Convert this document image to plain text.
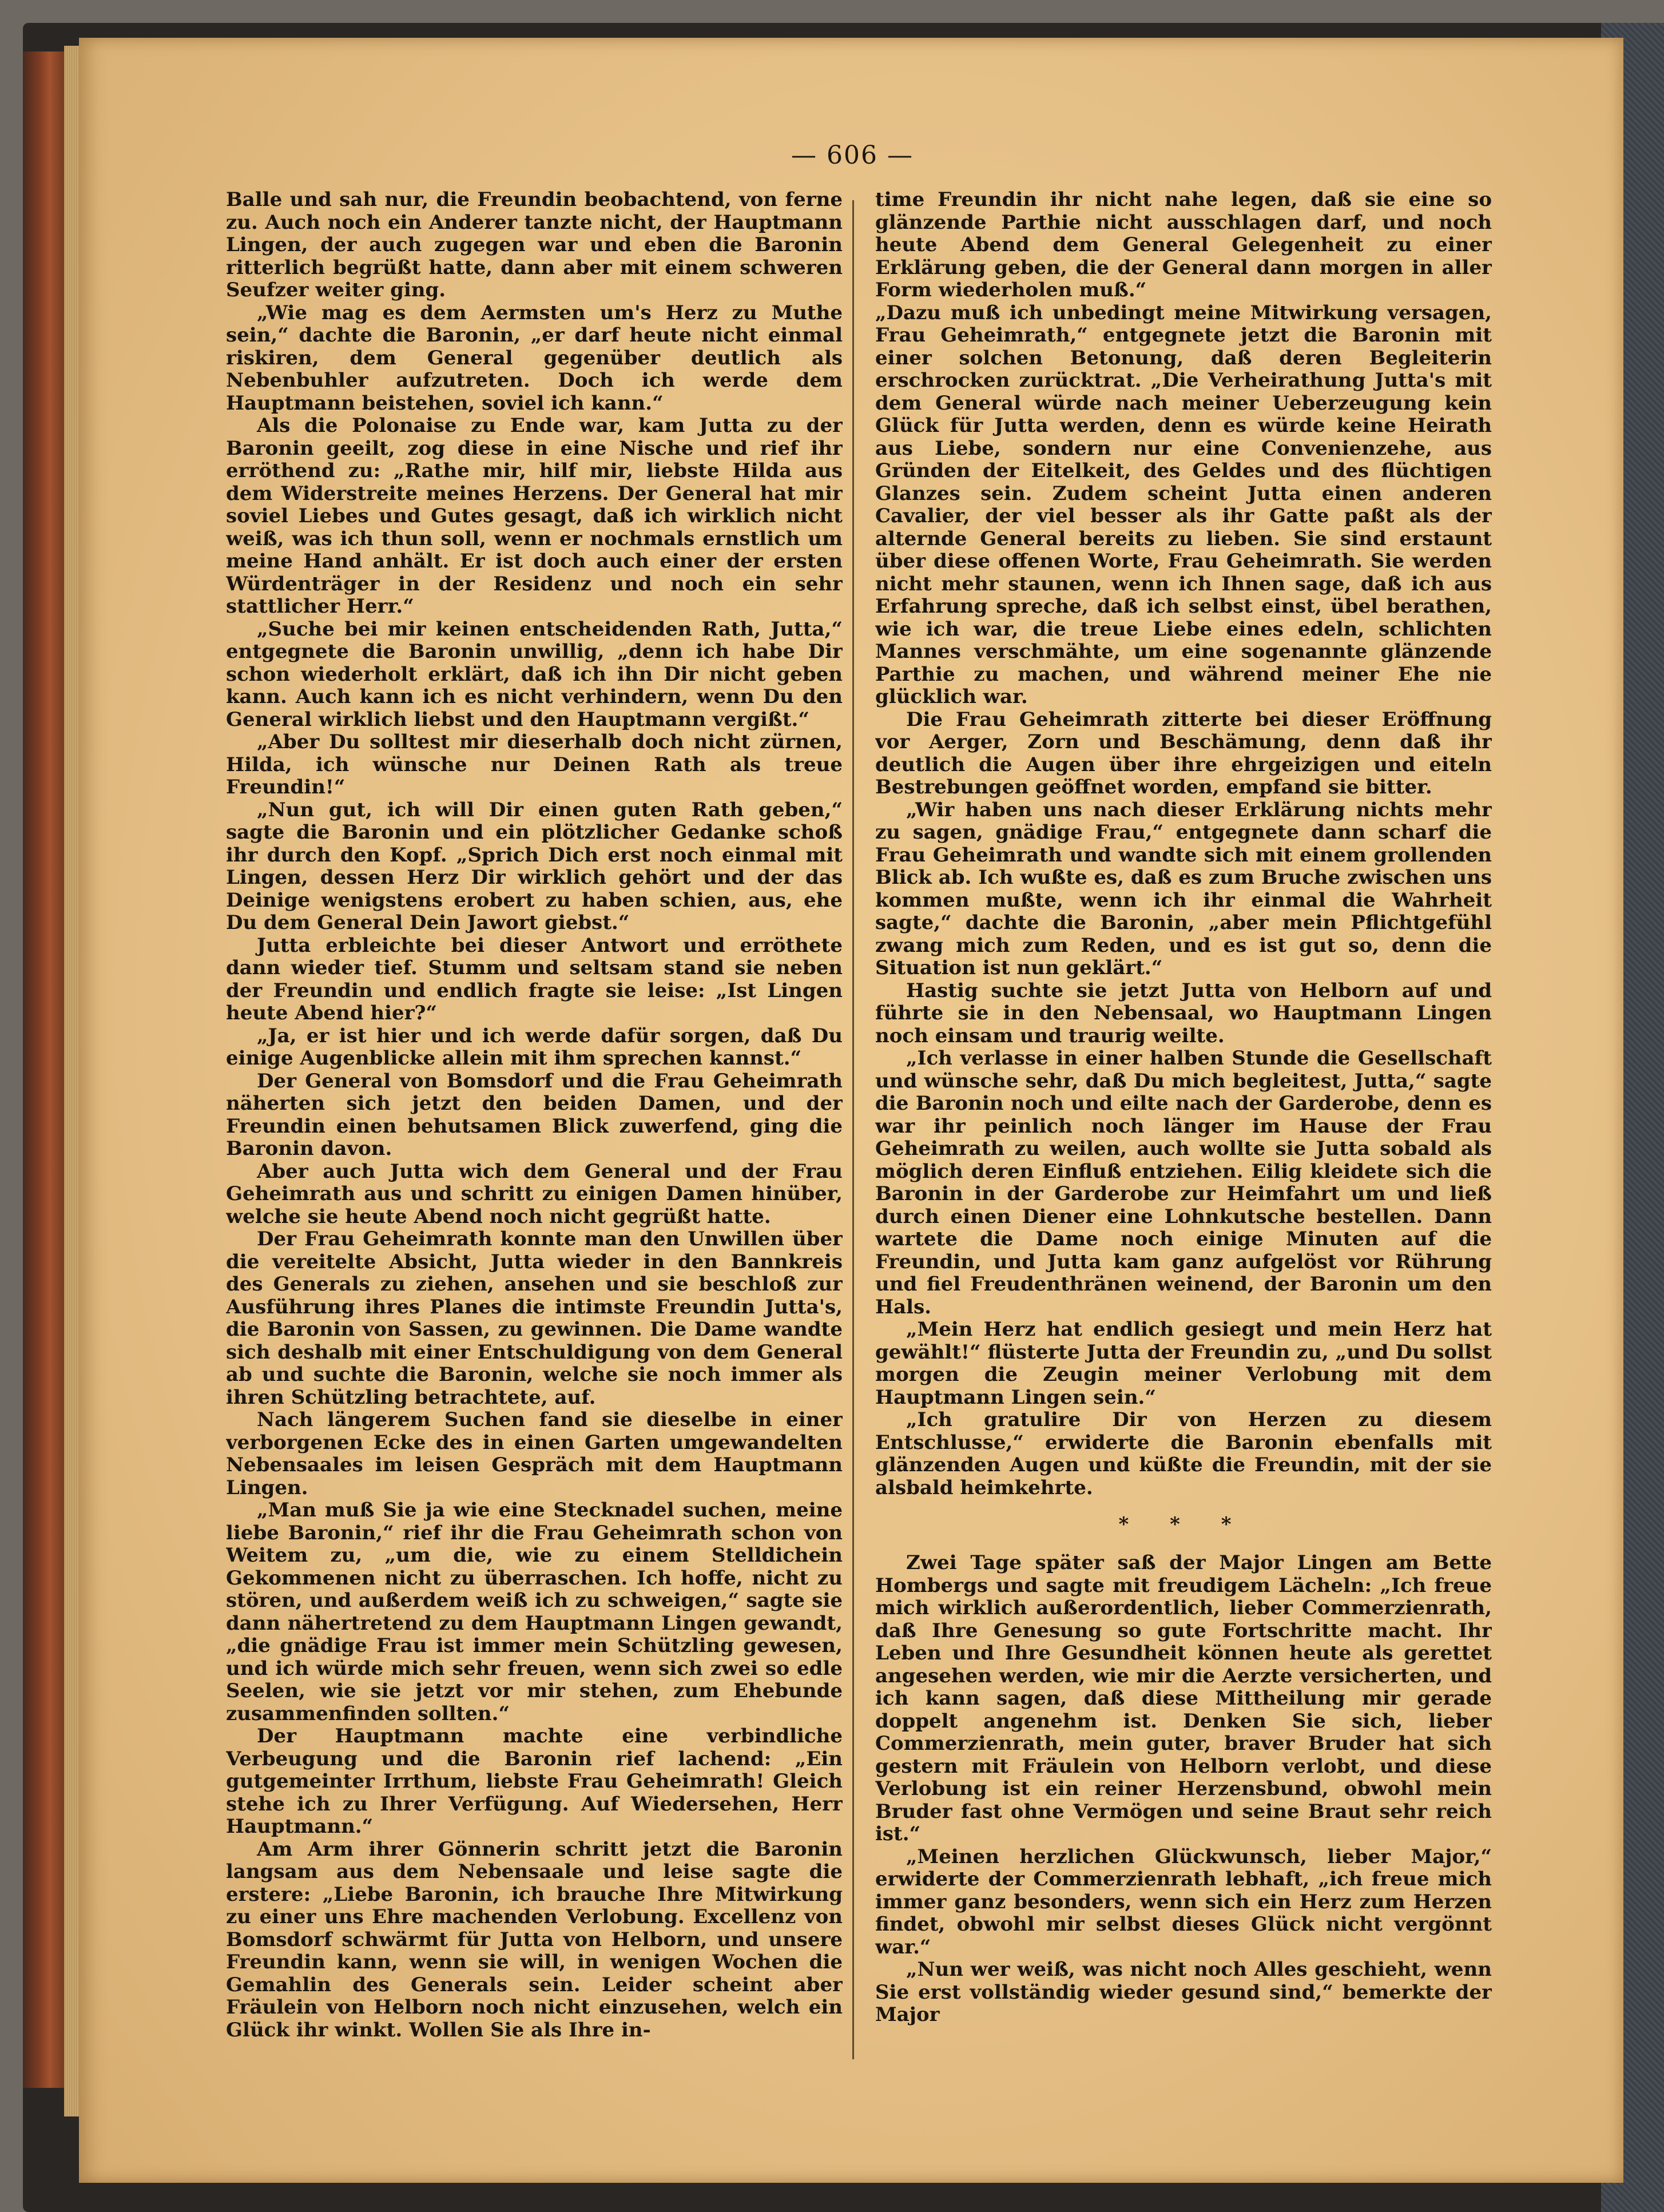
— 606 —

Balle und sah nur, die Freundin beobachtend, von ferne zu. Auch noch ein Anderer tanzte nicht, der Hauptmann Lingen, der auch zugegen war und eben die Baronin ritterlich begrüßt hatte, dann aber mit einem schweren Seufzer weiter ging.

„Wie mag es dem Aermsten um's Herz zu Muthe sein,“ dachte die Baronin, „er darf heute nicht einmal riskiren, dem General gegenüber deutlich als Nebenbuhler aufzutreten. Doch ich werde dem Hauptmann beistehen, soviel ich kann.“

Als die Polonaise zu Ende war, kam Jutta zu der Baronin geeilt, zog diese in eine Nische und rief ihr erröthend zu: „Rathe mir, hilf mir, liebste Hilda aus dem Widerstreite meines Herzens. Der General hat mir soviel Liebes und Gutes gesagt, daß ich wirklich nicht weiß, was ich thun soll, wenn er nochmals ernstlich um meine Hand anhält. Er ist doch auch einer der ersten Würdenträger in der Residenz und noch ein sehr stattlicher Herr.“

„Suche bei mir keinen entscheidenden Rath, Jutta,“ entgegnete die Baronin unwillig, „denn ich habe Dir schon wiederholt erklärt, daß ich ihn Dir nicht geben kann. Auch kann ich es nicht verhindern, wenn Du den General wirklich liebst und den Hauptmann vergißt.“

„Aber Du solltest mir dieserhalb doch nicht zürnen, Hilda, ich wünsche nur Deinen Rath als treue Freundin!“

„Nun gut, ich will Dir einen guten Rath geben,“ sagte die Baronin und ein plötzlicher Gedanke schoß ihr durch den Kopf. „Sprich Dich erst noch einmal mit Lingen, dessen Herz Dir wirklich gehört und der das Deinige wenigstens erobert zu haben schien, aus, ehe Du dem General Dein Jawort giebst.“

Jutta erbleichte bei dieser Antwort und erröthete dann wieder tief. Stumm und seltsam stand sie neben der Freundin und endlich fragte sie leise: „Ist Lingen heute Abend hier?“

„Ja, er ist hier und ich werde dafür sorgen, daß Du einige Augenblicke allein mit ihm sprechen kannst.“

Der General von Bomsdorf und die Frau Geheimrath näherten sich jetzt den beiden Damen, und der Freundin einen behutsamen Blick zuwerfend, ging die Baronin davon.

Aber auch Jutta wich dem General und der Frau Geheimrath aus und schritt zu einigen Damen hinüber, welche sie heute Abend noch nicht gegrüßt hatte.

Der Frau Geheimrath konnte man den Unwillen über die vereitelte Absicht, Jutta wieder in den Bannkreis des Generals zu ziehen, ansehen und sie beschloß zur Ausführung ihres Planes die intimste Freundin Jutta's, die Baronin von Sassen, zu gewinnen. Die Dame wandte sich deshalb mit einer Entschuldigung von dem General ab und suchte die Baronin, welche sie noch immer als ihren Schützling betrachtete, auf.

Nach längerem Suchen fand sie dieselbe in einer verborgenen Ecke des in einen Garten umgewandelten Nebensaales im leisen Gespräch mit dem Hauptmann Lingen.

„Man muß Sie ja wie eine Stecknadel suchen, meine liebe Baronin,“ rief ihr die Frau Geheimrath schon von Weitem zu, „um die, wie zu einem Stelldichein Gekommenen nicht zu überraschen. Ich hoffe, nicht zu stören, und außerdem weiß ich zu schweigen,“ sagte sie dann nähertretend zu dem Hauptmann Lingen gewandt, „die gnädige Frau ist immer mein Schützling gewesen, und ich würde mich sehr freuen, wenn sich zwei so edle Seelen, wie sie jetzt vor mir stehen, zum Ehebunde zusammenfinden sollten.“

Der Hauptmann machte eine verbindliche Verbeugung und die Baronin rief lachend: „Ein gutgemeinter Irrthum, liebste Frau Geheimrath! Gleich stehe ich zu Ihrer Verfügung. Auf Wiedersehen, Herr Hauptmann.“

Am Arm ihrer Gönnerin schritt jetzt die Baronin langsam aus dem Nebensaale und leise sagte die erstere: „Liebe Baronin, ich brauche Ihre Mitwirkung zu einer uns Ehre machenden Verlobung. Excellenz von Bomsdorf schwärmt für Jutta von Helborn, und unsere Freundin kann, wenn sie will, in wenigen Wochen die Gemahlin des Generals sein. Leider scheint aber Fräulein von Helborn noch nicht einzusehen, welch ein Glück ihr winkt. Wollen Sie als Ihre in-

time Freundin ihr nicht nahe legen, daß sie eine so glänzende Parthie nicht ausschlagen darf, und noch heute Abend dem General Gelegenheit zu einer Erklärung geben, die der General dann morgen in aller Form wiederholen muß.“

„Dazu muß ich unbedingt meine Mitwirkung versagen, Frau Geheimrath,“ entgegnete jetzt die Baronin mit einer solchen Betonung, daß deren Begleiterin erschrocken zurücktrat. „Die Verheirathung Jutta's mit dem General würde nach meiner Ueberzeugung kein Glück für Jutta werden, denn es würde keine Heirath aus Liebe, sondern nur eine Convenienzehe, aus Gründen der Eitelkeit, des Geldes und des flüchtigen Glanzes sein. Zudem scheint Jutta einen anderen Cavalier, der viel besser als ihr Gatte paßt als der alternde General bereits zu lieben. Sie sind erstaunt über diese offenen Worte, Frau Geheimrath. Sie werden nicht mehr staunen, wenn ich Ihnen sage, daß ich aus Erfahrung spreche, daß ich selbst einst, übel berathen, wie ich war, die treue Liebe eines edeln, schlichten Mannes verschmähte, um eine sogenannte glänzende Parthie zu machen, und während meiner Ehe nie glücklich war.

Die Frau Geheimrath zitterte bei dieser Eröffnung vor Aerger, Zorn und Beschämung, denn daß ihr deutlich die Augen über ihre ehrgeizigen und eiteln Bestrebungen geöffnet worden, empfand sie bitter.

„Wir haben uns nach dieser Erklärung nichts mehr zu sagen, gnädige Frau,“ entgegnete dann scharf die Frau Geheimrath und wandte sich mit einem grollenden Blick ab. Ich wußte es, daß es zum Bruche zwischen uns kommen mußte, wenn ich ihr einmal die Wahrheit sagte,“ dachte die Baronin, „aber mein Pflichtgefühl zwang mich zum Reden, und es ist gut so, denn die Situation ist nun geklärt.“

Hastig suchte sie jetzt Jutta von Helborn auf und führte sie in den Nebensaal, wo Hauptmann Lingen noch einsam und traurig weilte.

„Ich verlasse in einer halben Stunde die Gesellschaft und wünsche sehr, daß Du mich begleitest, Jutta,“ sagte die Baronin noch und eilte nach der Garderobe, denn es war ihr peinlich noch länger im Hause der Frau Geheimrath zu weilen, auch wollte sie Jutta sobald als möglich deren Einfluß entziehen. Eilig kleidete sich die Baronin in der Garderobe zur Heimfahrt um und ließ durch einen Diener eine Lohnkutsche bestellen. Dann wartete die Dame noch einige Minuten auf die Freundin, und Jutta kam ganz aufgelöst vor Rührung und fiel Freudenthränen weinend, der Baronin um den Hals.

„Mein Herz hat endlich gesiegt und mein Herz hat gewählt!“ flüsterte Jutta der Freundin zu, „und Du sollst morgen die Zeugin meiner Verlobung mit dem Hauptmann Lingen sein.“

„Ich gratulire Dir von Herzen zu diesem Entschlusse,“ erwiderte die Baronin ebenfalls mit glänzenden Augen und küßte die Freundin, mit der sie alsbald heimkehrte.

* * *

Zwei Tage später saß der Major Lingen am Bette Hombergs und sagte mit freudigem Lächeln: „Ich freue mich wirklich außerordentlich, lieber Commerzienrath, daß Ihre Genesung so gute Fortschritte macht. Ihr Leben und Ihre Gesundheit können heute als gerettet angesehen werden, wie mir die Aerzte versicherten, und ich kann sagen, daß diese Mittheilung mir gerade doppelt angenehm ist. Denken Sie sich, lieber Commerzienrath, mein guter, braver Bruder hat sich gestern mit Fräulein von Helborn verlobt, und diese Verlobung ist ein reiner Herzensbund, obwohl mein Bruder fast ohne Vermögen und seine Braut sehr reich ist.“

„Meinen herzlichen Glückwunsch, lieber Major,“ erwiderte der Commerzienrath lebhaft, „ich freue mich immer ganz besonders, wenn sich ein Herz zum Herzen findet, obwohl mir selbst dieses Glück nicht vergönnt war.“

„Nun wer weiß, was nicht noch Alles geschieht, wenn Sie erst vollständig wieder gesund sind,“ bemerkte der Major
